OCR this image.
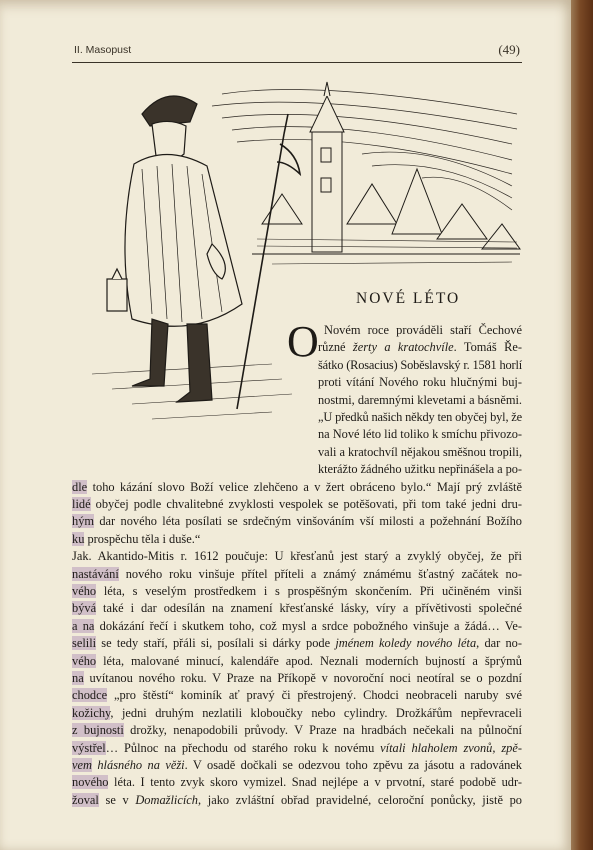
II. Masopust	(49)
NOVÉ LÉTO
O Novém roce prováděli staří Čechové
různé žerty a kratochvíle. Tomáš Ře-
šátko (Rosacius) Soběslavský r. 1581 horlí
proti vítání Nového roku hlučnými buj-
nostmi, daremnými klevetami a básněmi.
„U předků našich někdy ten obyčej byl, že
na Nové léto lid toliko k smíchu přivozo-
vali a kratochvíl nějakou směšnou tropili,
kterážto žádného užitku nepřinášela a po-
dle toho kázání slovo Boží velice zlehčeno a v žert obráceno bylo.“ Mají prý zvláště
lidé obyčej podle chvalitebné zvyklosti vespolek se potěšovati, při tom také jedni dru-
hým dar nového léta posílati se srdečným vinšováním vší milosti a požehnání Božího
ku prospěchu těla i duše.“
Jak. Akantido-Mitis r. 1612 poučuje: U křesťanů jest starý a zvyklý obyčej, že při
nastávání nového roku vinšuje přítel příteli a známý známému šťastný začátek no-
vého léta, s veselým prostředkem i s prospěšným skončením. Při učiněném vinši
bývá také i dar odesílán na znamení křesťanské lásky, víry a přívětivosti společné
a na dokázání řečí i skutkem toho, což mysl a srdce pobožného vinšuje a žádá… Ve-
selili se tedy staří, přáli si, posílali si dárky pode jménem koledy nového léta, dar no-
vého léta, malované minucí, kalendáře apod. Neznali moderních bujností a šprýmů
na uvítanou nového roku. V Praze na Příkopě v novoroční noci neotíral se o pozdní
chodce „pro štěstí“ kominík ať pravý či přestrojený. Chodci neobraceli naruby své
kožichy, jedni druhým nezlatili kloboučky nebo cylindry. Drožkářům nepřevraceli
z bujnosti drožky, nenapodobili průvody. V Praze na hradbách nečekali na půlnoční
výstřel… Půlnoc na přechodu od starého roku k novému vítali hlaholem zvonů, zpě-
vem hlásného na věži. V osadě dočkali se odezvou toho zpěvu za jásotu a radovánek
nového léta. I tento zvyk skoro vymizel. Snad nejlépe a v prvotní, staré podobě udr-
žoval se v Domažlicích, jako zvláštní obřad pravidelné, celoroční ponůcky, jistě po
